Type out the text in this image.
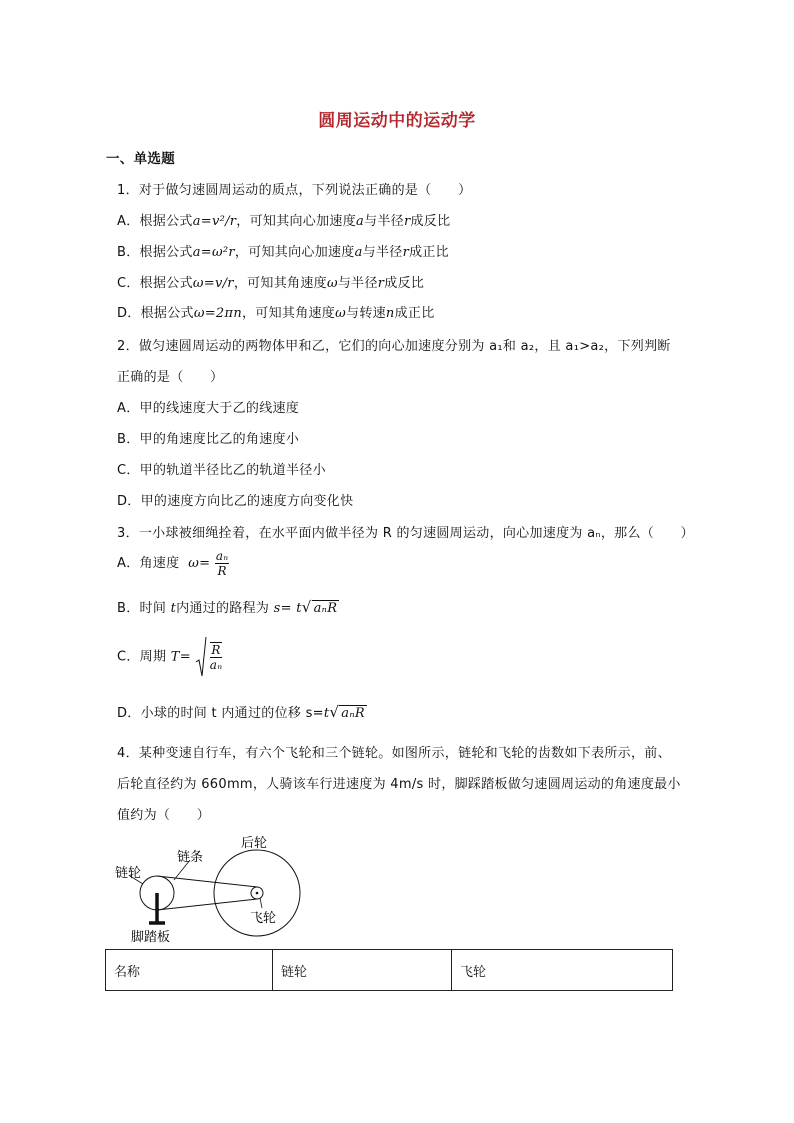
圆周运动中的运动学
一、单选题
1．对于做匀速圆周运动的质点，下列说法正确的是（　　）
A．根据公式a=v²/r，可知其向心加速度a与半径r成反比
B．根据公式a=ω²r，可知其向心加速度a与半径r成正比
C．根据公式ω=v/r，可知其角速度ω与半径r成反比
D．根据公式ω=2πn，可知其角速度ω与转速n成正比
2．做匀速圆周运动的两物体甲和乙，它们的向心加速度分别为 a₁和 a₂，且 a₁>a₂，下列判断
正确的是（　　）
A．甲的线速度大于乙的线速度
B．甲的角速度比乙的角速度小
C．甲的轨道半径比乙的轨道半径小
D．甲的速度方向比乙的速度方向变化快
3．一小球被细绳拴着，在水平面内做半径为 R 的匀速圆周运动，向心加速度为 aₙ，那么（　　）
A．角速度 $\omega= \frac{\text{aₙ}}{R}$
B．时间 t内通过的路程为 s= t√ aₙR
C．周期 $T= \frac{R}{\text{aₙ}}$
D．小球的时间 t 内通过的位移 s=t√ aₙR
4．某种变速自行车，有六个飞轮和三个链轮。如图所示，链轮和飞轮的齿数如下表所示，前、
后轮直径约为 660mm，人骑该车行进速度为 4m/s 时，脚踩踏板做匀速圆周运动的角速度最小
值约为（　　）
后轮
链条
链轮
飞轮
脚踏板
名称	链轮	飞轮
